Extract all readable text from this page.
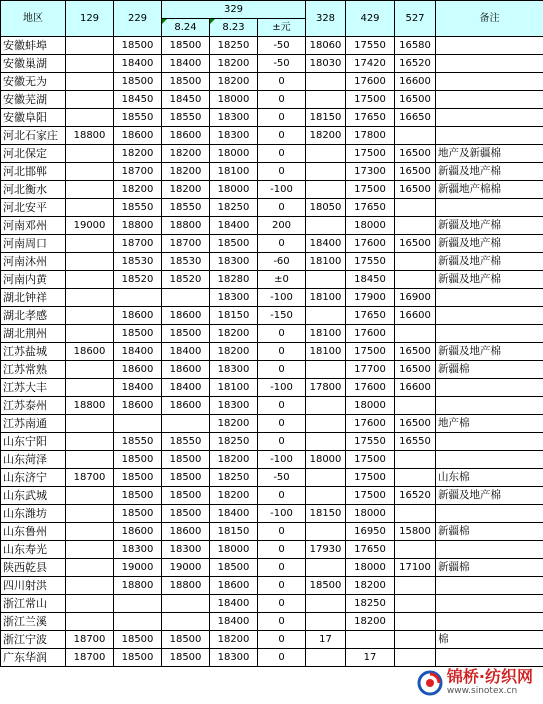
地区	129	229	329			328	429	527	备注
			8.24	8.23	±元				
安徽蚌埠		18500	18500	18250	-50	18060	17550	16580	
安徽巢湖		18400	18400	18200	-50	18030	17420	16520	
安徽无为		18500	18500	18200	0		17600	16600	
安徽芜湖		18450	18450	18000	0		17500	16500	
安徽阜阳		18550	18550	18300	0	18150	17650	16650	
河北石家庄	18800	18600	18600	18300	0	18200	17800		
河北保定		18200	18200	18000	0		17500	16500	地产及新疆棉
河北邯郸		18700	18200	18100	0		17300	16500	新疆及地产棉
河北衡水		18200	18200	18000	-100		17500	16500	新疆地产棉棉
河北安平		18550	18550	18250	0	18050	17650		
河南邓州	19000	18800	18800	18400	200		18000		新疆及地产棉
河南周口		18700	18700	18500	0	18400	17600	16500	新疆及地产棉
河南沐州		18530	18530	18300	-60	18100	17550		新疆及地产棉
河南内黄		18520	18520	18280	±0		18450		新疆及地产棉
湖北钟祥				18300	-100	18100	17900	16900	
湖北孝感		18600	18600	18150	-150		17650	16600	
湖北荆州		18500	18500	18200	0	18100	17600		
江苏盐城	18600	18400	18400	18200	0	18100	17500	16500	新疆及地产棉
江苏常熟		18600	18600	18300	0		17700	16500	新疆棉
江苏大丰		18400	18400	18100	-100	17800	17600	16600	
江苏泰州	18800	18600	18600	18300	0		18000		
江苏南通				18200	0		17600	16500	地产棉
山东宁阳		18550	18550	18250	0		17550	16550	
山东菏泽		18500	18500	18200	-100	18000	17500		
山东济宁	18700	18500	18500	18250	-50		17500		山东棉
山东武城		18500	18500	18200	0		17500	16520	新疆及地产棉
山东潍坊		18500	18500	18400	-100	18150	18000		
山东鲁州		18600	18600	18150	0		16950	15800	新疆棉
山东寿光		18300	18300	18000	0	17930	17650		
陕西乾县		19000	19000	18500	0		18000	17100	新疆棉
四川射洪		18800	18800	18600	0	18500	18200		
浙江常山				18400	0		18250		
浙江兰溪				18400	0		18200		
浙江宁波	18700	18500	18500	18200	0	17			棉
广东华润	18700	18500	18500	18300	0		17		
锦桥·纺织网
www.sinotex.cn
